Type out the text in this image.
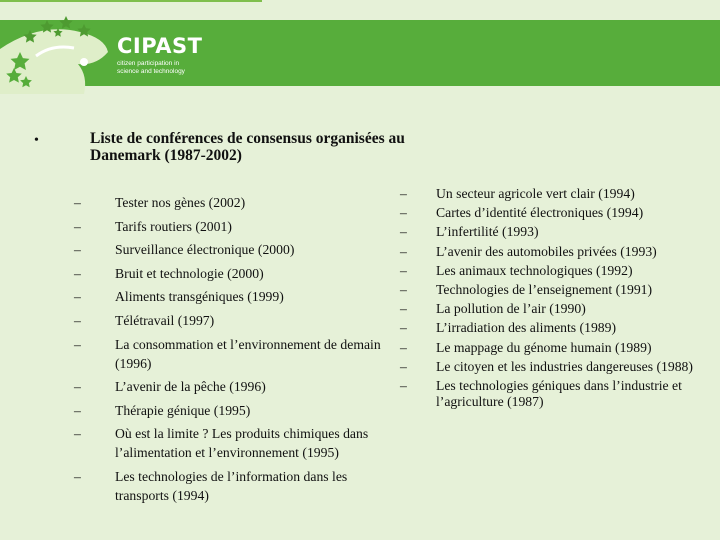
CIPAST
citizen participation in
science and technology
•	Liste de conférences de consensus organisées au Danemark (1987-2002)
– Tester nos gènes (2002)
– Tarifs routiers (2001)
– Surveillance électronique (2000)
– Bruit et technologie (2000)
– Aliments transgéniques (1999)
– Télétravail (1997)
– La consommation et l’environnement de demain (1996)
– L’avenir de la pêche (1996)
– Thérapie génique (1995)
– Où est la limite ? Les produits chimiques dans l’alimentation et l’environnement (1995)
– Les technologies de l’information dans les transports (1994)
– Un secteur agricole vert clair (1994)
– Cartes d’identité électroniques (1994)
– L’infertilité (1993)
– L’avenir des automobiles privées (1993)
– Les animaux technologiques (1992)
– Technologies de l’enseignement (1991)
– La pollution de l’air (1990)
– L’irradiation des aliments (1989)
– Le mappage du génome humain (1989)
– Le citoyen et les industries dangereuses (1988)
– Les technologies géniques dans l’industrie et l’agriculture (1987)
